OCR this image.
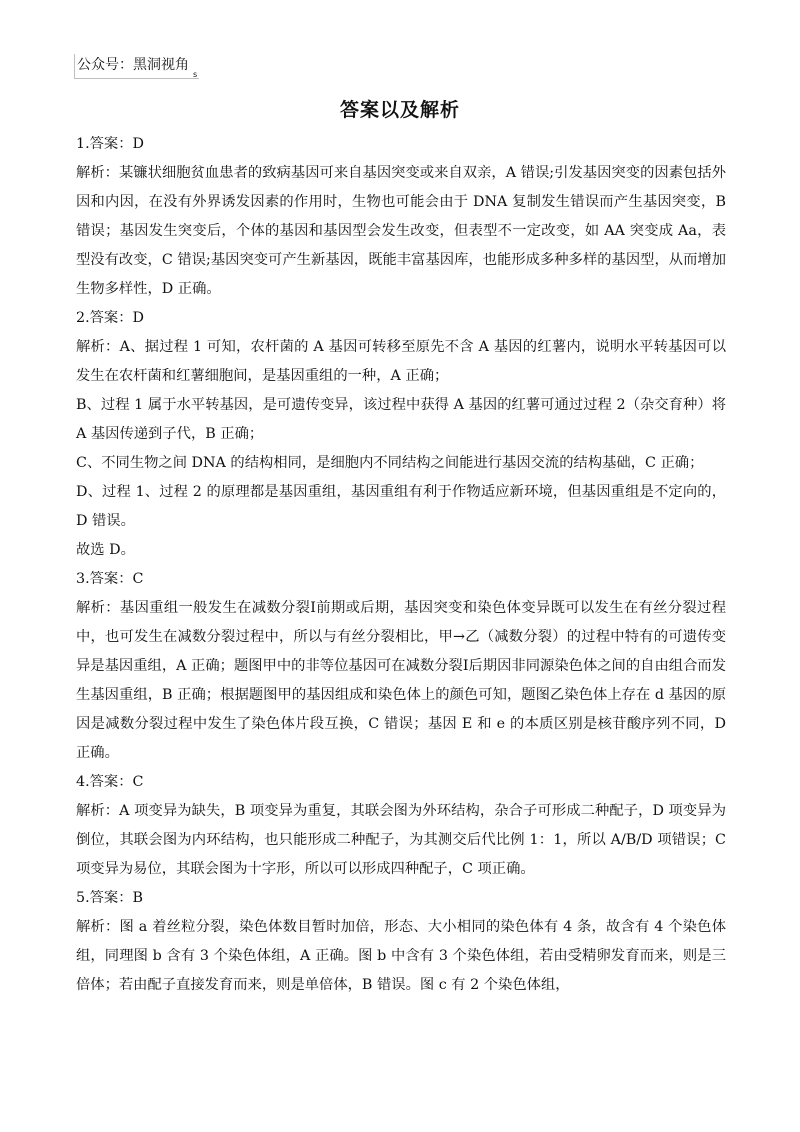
公众号：黑洞视角$_s$
答案以及解析

1.答案：D

解析：某镰状细胞贫血患者的致病基因可来自基因突变或来自双亲，A 错误;引发基因突变的因素包括外因和内因，在没有外界诱发因素的作用时，生物也可能会由于 DNA 复制发生错误而产生基因突变，B 错误；基因发生突变后，个体的基因和基因型会发生改变，但表型不一定改变，如 AA 突变成 Aa，表型没有改变，C 错误;基因突变可产生新基因，既能丰富基因库，也能形成多种多样的基因型，从而增加生物多样性，D 正确。

2.答案：D

解析：A、据过程 1 可知，农杆菌的 A 基因可转移至原先不含 A 基因的红薯内，说明水平转基因可以发生在农杆菌和红薯细胞间，是基因重组的一种，A 正确；

B、过程 1 属于水平转基因，是可遗传变异，该过程中获得 A 基因的红薯可通过过程 2（杂交育种）将 A 基因传递到子代，B 正确；

C、不同生物之间 DNA 的结构相同，是细胞内不同结构之间能进行基因交流的结构基础，C 正确；

D、过程 1、过程 2 的原理都是基因重组，基因重组有利于作物适应新环境，但基因重组是不定向的，D 错误。

故选 D。

3.答案：C

解析：基因重组一般发生在减数分裂Ⅰ前期或后期，基因突变和染色体变异既可以发生在有丝分裂过程中，也可发生在减数分裂过程中，所以与有丝分裂相比，甲→乙（减数分裂）的过程中特有的可遗传变异是基因重组，A 正确；题图甲中的非等位基因可在减数分裂Ⅰ后期因非同源染色体之间的自由组合而发生基因重组，B 正确；根据题图甲的基因组成和染色体上的颜色可知，题图乙染色体上存在 d 基因的原因是减数分裂过程中发生了染色体片段互换，C 错误；基因 E 和 e 的本质区别是核苷酸序列不同，D 正确。

4.答案：C

解析：A 项变异为缺失，B 项变异为重复，其联会图为外环结构，杂合子可形成二种配子，D 项变异为倒位，其联会图为内环结构，也只能形成二种配子，为其测交后代比例 1：1，所以 A/B/D 项错误；C 项变异为易位，其联会图为十字形，所以可以形成四种配子，C 项正确。

5.答案：B

解析：图 a 着丝粒分裂，染色体数目暂时加倍，形态、大小相同的染色体有 4 条，故含有 4 个染色体组，同理图 b 含有 3 个染色体组，A 正确。图 b 中含有 3 个染色体组，若由受精卵发育而来，则是三倍体；若由配子直接发育而来，则是单倍体，B 错误。图 c 有 2 个染色体组，
